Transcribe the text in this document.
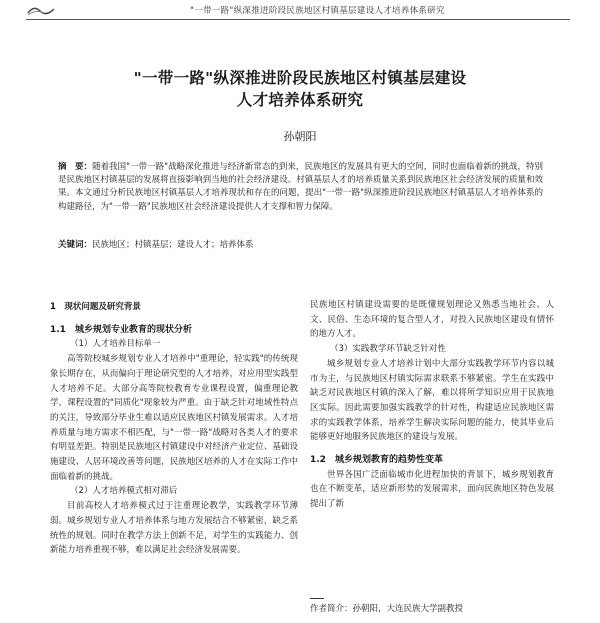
"一带一路"纵深推进阶段民族地区村镇基层建设人才培养体系研究
"一带一路"纵深推进阶段民族地区村镇基层建设
人才培养体系研究
孙朝阳
摘　要：随着我国"一带一路"战略深化推进与经济新常态的到来，民族地区的发展具有更大的空间，同时也面临着新的挑战，特别是民族地区村镇基层的发展将直接影响到当地的社会经济建设。村镇基层人才的培养质量关系到民族地区社会经济发展的质量和效果。本文通过分析民族地区村镇基层人才培养现状和存在的问题，提出"一带一路"纵深推进阶段民族地区村镇基层人才培养体系的构建路径，为"一带一路"民族地区社会经济建设提供人才支撑和智力保障。
关键词：民族地区；村镇基层；建设人才；培养体系

1　现状问题及研究背景

1.1　城乡规划专业教育的现状分析

（1）人才培养目标单一

高等院校城乡规划专业人才培养中"重理论，轻实践"的传统现象长期存在，从而偏向于理论研究型的人才培养，对应用型实践型人才培养不足。大部分高等院校教育专业课程设置，偏重理论教学，课程设置的"同质化"现象较为严重。由于缺乏针对地域性特点的关注，导致部分毕业生难以适应民族地区村镇发展需求。人才培养质量与地方需求不相匹配，与"一带一路"战略对各类人才的要求有明显差距。特别是民族地区村镇建设中对经济产业定位、基础设施建设、人居环境改善等问题，民族地区培养的人才在实际工作中面临着新的挑战。

（2）人才培养模式相对滞后

目前高校人才培养模式过于注重理论教学，实践教学环节薄弱。城乡规划专业人才培养体系与地方发展结合不够紧密，缺乏系统性的规划。同时在教学方法上创新不足，对学生的实践能力、创新能力培养重视不够，难以满足社会经济发展需要。

民族地区村镇建设需要的是既懂规划理论又熟悉当地社会、人文、民俗、生态环境的复合型人才，对投入民族地区建设有情怀的地方人才。

（3）实践教学环节缺乏针对性

城乡规划专业人才培养计划中大部分实践教学环节内容以城市为主，与民族地区村镇实际需求联系不够紧密。学生在实践中缺乏对民族地区村镇的深入了解，难以将所学知识应用于民族地区实际。因此需要加强实践教学的针对性，构建适应民族地区需求的实践教学体系，培养学生解决实际问题的能力，使其毕业后能够更好地服务民族地区的建设与发展。

1.2　城乡规划教育的趋势性变革

世界各国广泛面临城市化进程加快的背景下，城乡规划教育也在不断变革，适应新形势的发展需求，面向民族地区特色发展提出了新

作者简介：孙朝阳，大连民族大学副教授
